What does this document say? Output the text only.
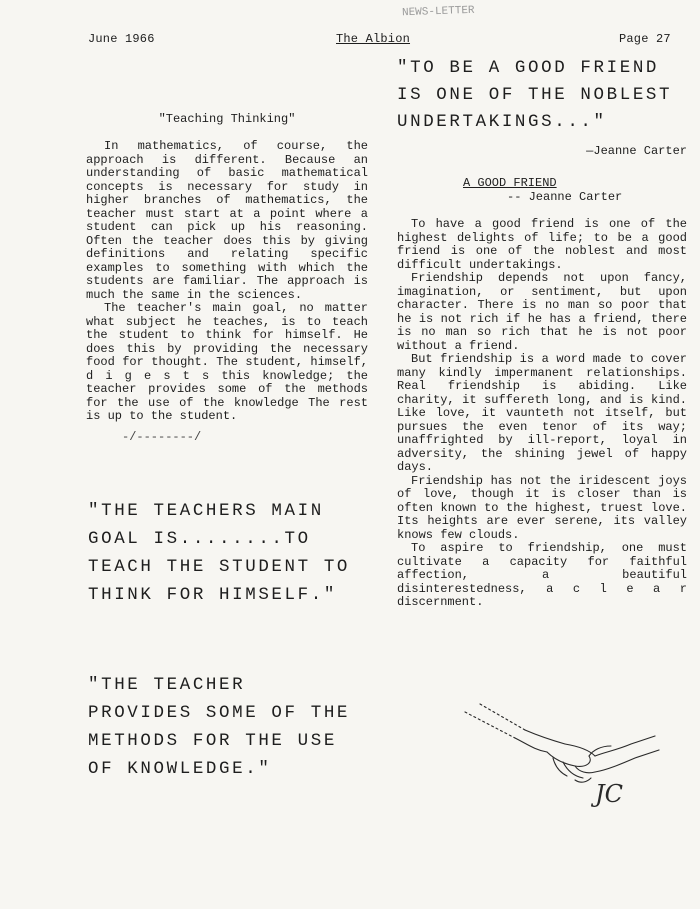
June 1966	The Albion	Page 27
NEWS-LETTER
"Teaching Thinking"

In mathematics, of course, the approach is different. Because an understanding of basic mathematical concepts is necessary for study in higher branches of mathematics, the teacher must start at a point where a student can pick up his reasoning. Often the teacher does this by giving definitions and relating specific examples to something with which the students are familiar. The approach is much the same in the sciences.

The teacher's main goal, no matter what subject he teaches, is to teach the student to think for himself. He does this by providing the necessary food for thought. The student, himself, d i g e s t s this knowledge; the teacher provides some of the methods for the use of the knowledge The rest is up to the student.

-/--------/
"THE TEACHERS MAIN GOAL IS........TO TEACH THE STUDENT TO THINK FOR HIMSELF."
"THE TEACHER PROVIDES SOME OF THE METHODS FOR THE USE OF KNOWLEDGE."

"TO BE A GOOD FRIEND IS ONE OF THE NOBLEST UNDERTAKINGS..."

—Jeanne Carter
A GOOD FRIEND
-- Jeanne Carter

To have a good friend is one of the highest delights of life; to be a good friend is one of the noblest and most difficult undertakings.

Friendship depends not upon fancy, imagination, or sentiment, but upon character. There is no man so poor that he is not rich if he has a friend, there is no man so rich that he is not poor without a friend.

But friendship is a word made to cover many kindly impermanent relationships. Real friendship is abiding. Like charity, it suffereth long, and is kind. Like love, it vaunteth not itself, but pursues the even tenor of its way; unaffrighted by ill-report, loyal in adversity, the shining jewel of happy days.

Friendship has not the iridescent joys of love, though it is closer than is often known to the highest, truest love. Its heights are ever serene, its valley knows few clouds.

To aspire to friendship, one must cultivate a capacity for faithful affection, a beautiful disinterestedness, a c l e a r discernment.

JC
